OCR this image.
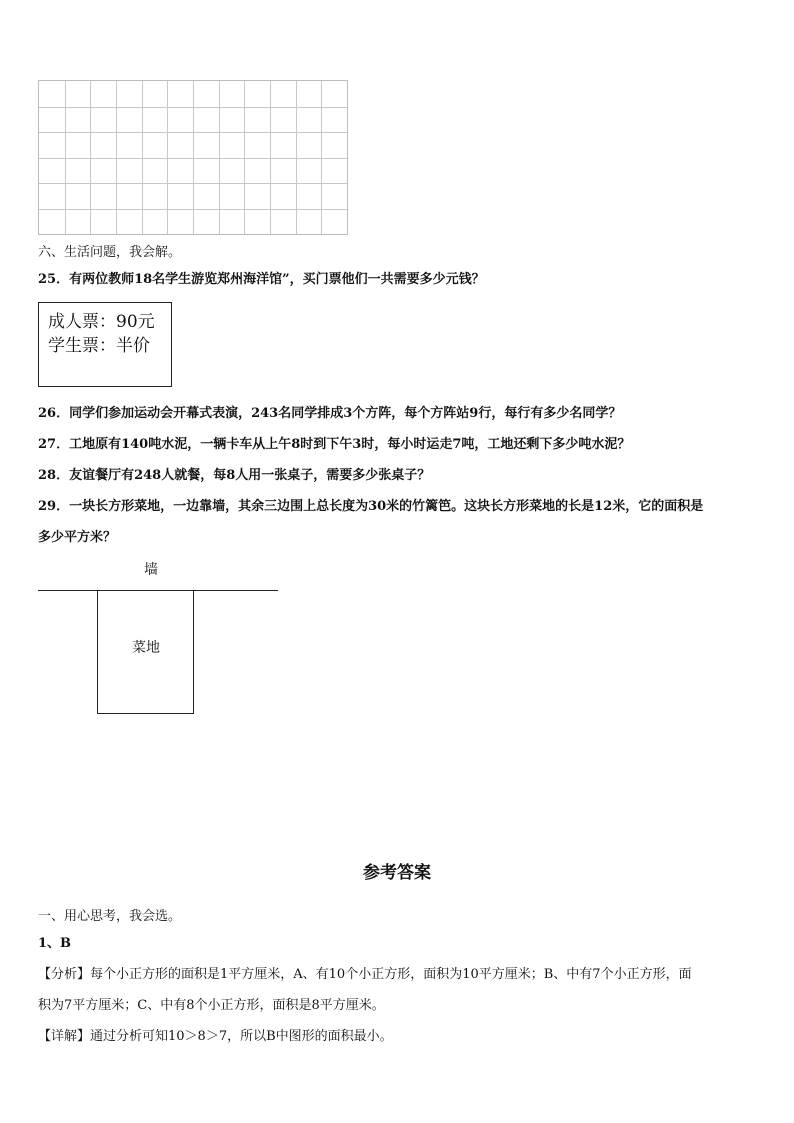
六、生活问题，我会解。
25．有两位教师18名学生游览郑州海洋馆”，买门票他们一共需要多少元钱？
成人票：90元
学生票：半价
26．同学们参加运动会开幕式表演，243名同学排成3个方阵，每个方阵站9行，每行有多少名同学？
27．工地原有140吨水泥，一辆卡车从上午8时到下午3时，每小时运走7吨，工地还剩下多少吨水泥？
28．友谊餐厅有248人就餐，每8人用一张桌子，需要多少张桌子？
29．一块长方形菜地，一边靠墙，其余三边围上总长度为30米的竹篱笆。这块长方形菜地的长是12米，它的面积是
多少平方米？
墙
菜地
参考答案
一、用心思考，我会选。
1、B
【分析】每个小正方形的面积是1平方厘米，A、有10个小正方形，面积为10平方厘米；B、中有7个小正方形，面
积为7平方厘米；C、中有8个小正方形，面积是8平方厘米。
【详解】通过分析可知10＞8＞7，所以B中图形的面积最小。
